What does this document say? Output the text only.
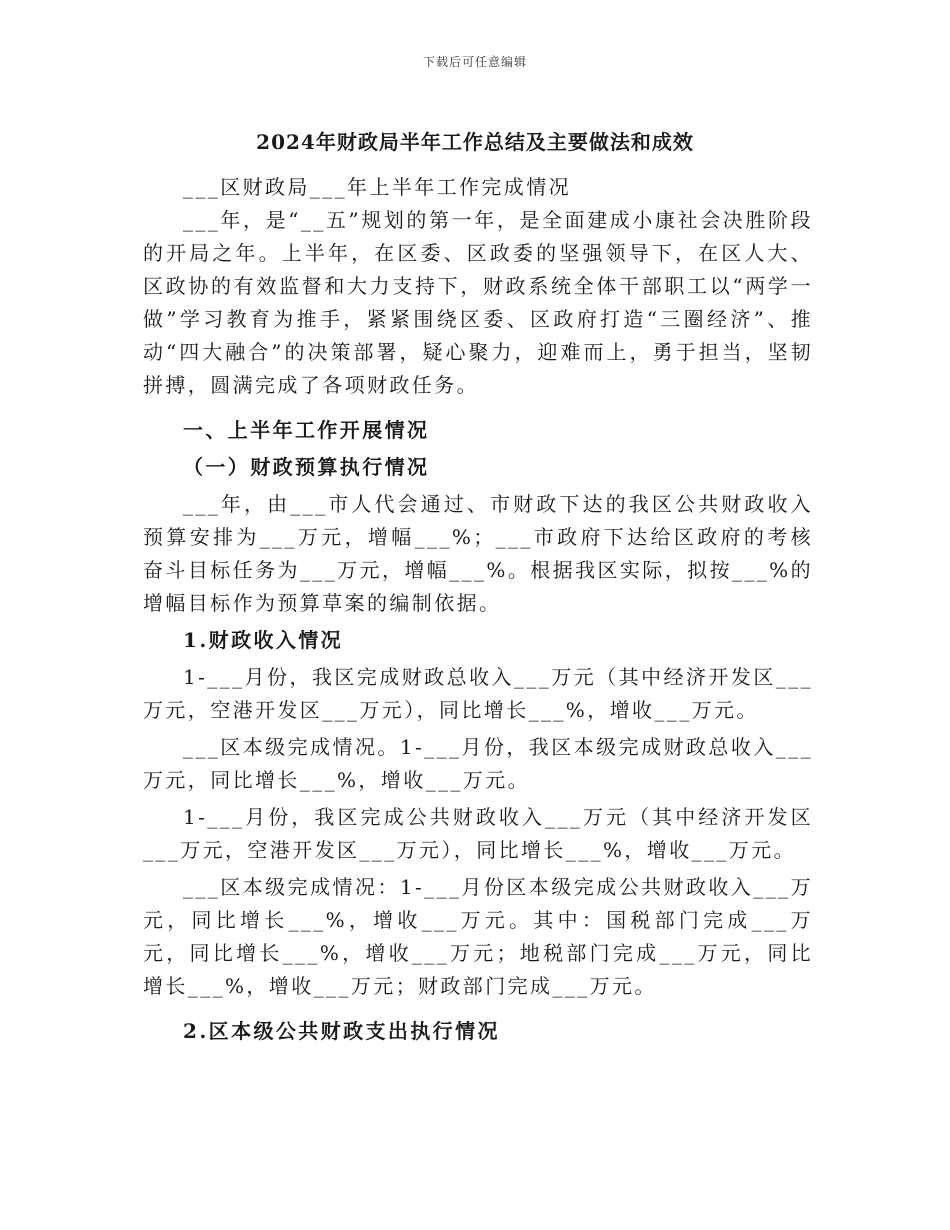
下载后可任意编辑
2024年财政局半年工作总结及主要做法和成效

___区财政局___年上半年工作完成情况

___年，是“__五”规划的第一年，是全面建成小康社会决胜阶段的开局之年。上半年，在区委、区政委的坚强领导下，在区人大、区政协的有效监督和大力支持下，财政系统全体干部职工以“两学一做”学习教育为推手，紧紧围绕区委、区政府打造“三圈经济”、推动“四大融合”的决策部署，疑心聚力，迎难而上，勇于担当，坚韧拼搏，圆满完成了各项财政任务。

一、上半年工作开展情况

（一）财政预算执行情况

___年，由___市人代会通过、市财政下达的我区公共财政收入预算安排为___万元，增幅___%；___市政府下达给区政府的考核奋斗目标任务为___万元，增幅___%。根据我区实际，拟按___%的增幅目标作为预算草案的编制依据。

1.财政收入情况

1-___月份，我区完成财政总收入___万元（其中经济开发区___万元，空港开发区___万元），同比增长___%，增收___万元。

___区本级完成情况。1-___月份，我区本级完成财政总收入___万元，同比增长___%，增收___万元。

1-___月份，我区完成公共财政收入___万元（其中经济开发区___万元，空港开发区___万元），同比增长___%，增收___万元。

___区本级完成情况：1-___月份区本级完成公共财政收入___万元，同比增长___%，增收___万元。其中：国税部门完成___万元，同比增长___%，增收___万元；地税部门完成___万元，同比增长___%，增收___万元；财政部门完成___万元。

2.区本级公共财政支出执行情况
